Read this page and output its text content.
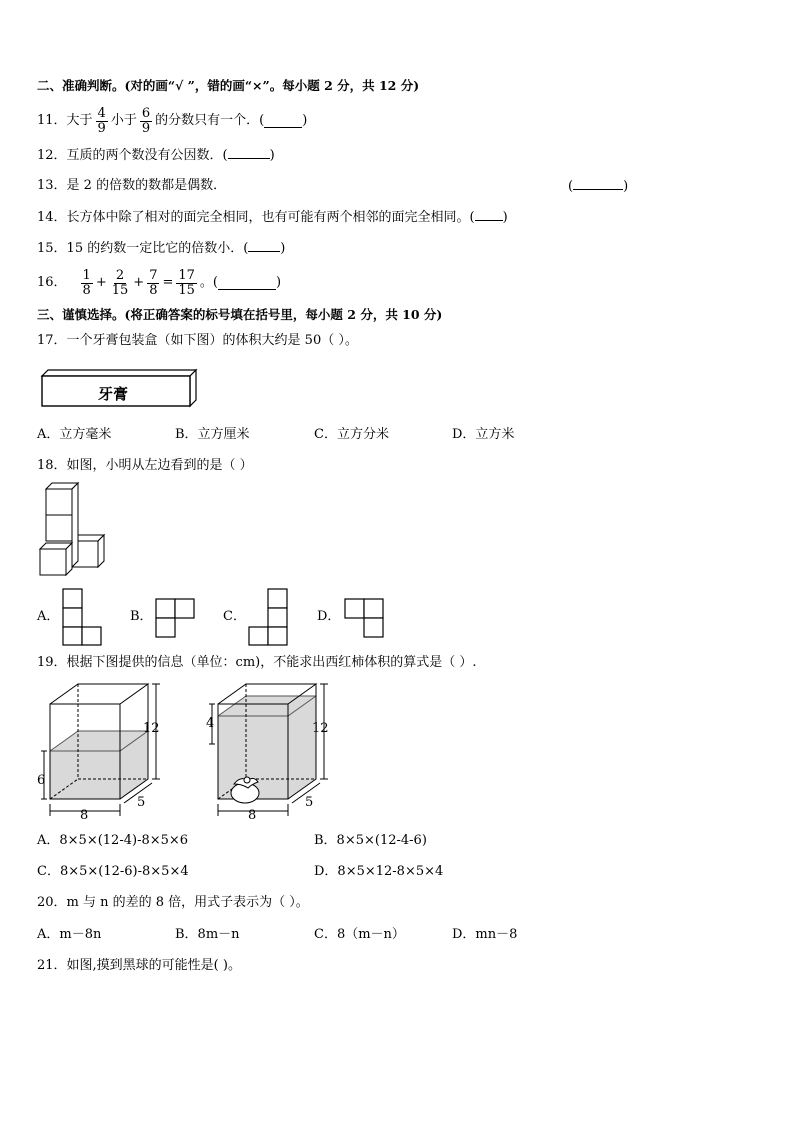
二、准确判断。(对的画“√ ”，错的画“×”。每小题 2 分，共 12 分)
11．大于 $\frac{4}{9}$ 小于 $\frac{6}{9}$ 的分数只有一个．(	)
12．互质的两个数没有公因数．(	)
13．是 2 的倍数的数都是偶数．	(	)
14．长方体中除了相对的面完全相同，也有可能有两个相邻的面完全相同。( )
15．15 的约数一定比它的倍数小．( )
16． $\frac{1}{8} + \frac{2}{15} + \frac{7}{8} = \frac{17}{15}$ 。(	)
三、谨慎选择。(将正确答案的标号填在括号里，每小题 2 分，共 10 分)
17．一个牙膏包装盒（如下图）的体积大约是 50（ ）。
牙膏
A．立方毫米	B．立方厘米	C．立方分米	D．立方米
18．如图，小明从左边看到的是（ ）
A．	B．	C．	D．
19．根据下图提供的信息（单位：cm)，不能求出西红柿体积的算式是（ ）.
12
6
8
5
12
4
8
5
A．8×5×(12-4)-8×5×6	B．8×5×(12-4-6)
C．8×5×(12-6)-8×5×4	D．8×5×12-8×5×4
20．m 与 n 的差的 8 倍，用式子表示为（ ）。
A．m－8n	B．8m－n	C．8（m－n）	D．mn－8
21．如图,摸到黑球的可能性是( )。
